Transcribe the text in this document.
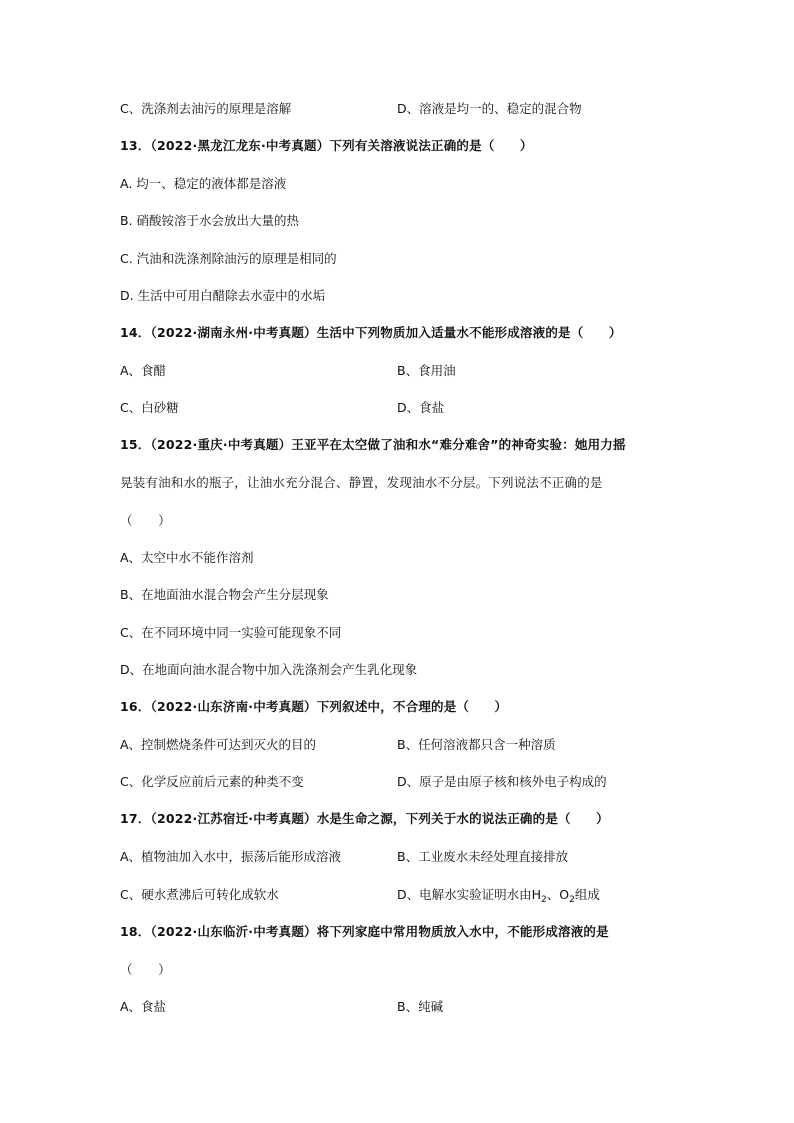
C、洗涤剂去油污的原理是溶解	D、溶液是均一的、稳定的混合物
13．（2022·黑龙江龙东·中考真题）下列有关溶液说法正确的是（　　）
A. 均一、稳定的液体都是溶液
B. 硝酸铵溶于水会放出大量的热
C. 汽油和洗涤剂除油污的原理是相同的
D. 生活中可用白醋除去水壶中的水垢
14．（2022·湖南永州·中考真题）生活中下列物质加入适量水不能形成溶液的是（　　）
A、食醋	B、食用油
C、白砂糖	D、食盐
15．（2022·重庆·中考真题）王亚平在太空做了油和水“难分难舍”的神奇实验：她用力摇
晃装有油和水的瓶子，让油水充分混合、静置，发现油水不分层。下列说法不正确的是
（　　）
A、太空中水不能作溶剂
B、在地面油水混合物会产生分层现象
C、在不同环境中同一实验可能现象不同
D、在地面向油水混合物中加入洗涤剂会产生乳化现象
16．（2022·山东济南·中考真题）下列叙述中，不合理的是（　　）
A、控制燃烧条件可达到灭火的目的	B、任何溶液都只含一种溶质
C、化学反应前后元素的种类不变	D、原子是由原子核和核外电子构成的
17．（2022·江苏宿迁·中考真题）水是生命之源，下列关于水的说法正确的是（　　）
A、植物油加入水中，振荡后能形成溶液	B、工业废水未经处理直接排放
C、硬水煮沸后可转化成软水	D、电解水实验证明水由$H_2$、$O_2$组成
18．（2022·山东临沂·中考真题）将下列家庭中常用物质放入水中，不能形成溶液的是
（　　）
A、食盐	B、纯碱
